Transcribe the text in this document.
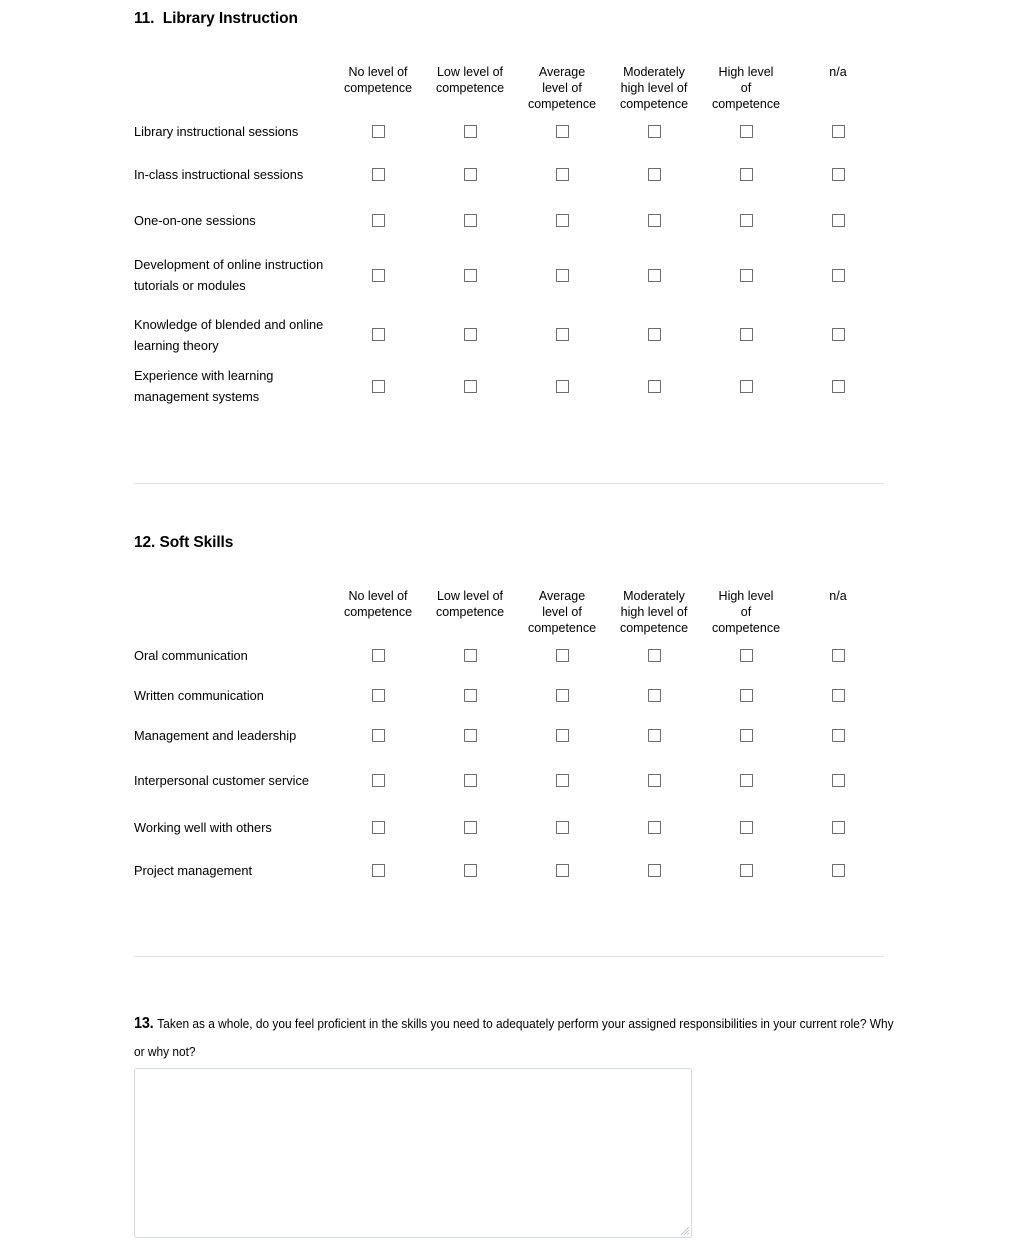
11.  Library Instruction
No level of
competence
Low level of
competence
Average
level of
competence
Moderately
high level of
competence
High level
of
competence
n/a
Library instructional sessions
In-class instructional sessions
One-on-one sessions
Development of online instruction tutorials or modules
Knowledge of blended and online learning theory
Experience with learning management systems
12. Soft Skills
No level of
competence
Low level of
competence
Average
level of
competence
Moderately
high level of
competence
High level
of
competence
n/a
Oral communication
Written communication
Management and leadership
Interpersonal customer service
Working well with others
Project management
13. Taken as a whole, do you feel proficient in the skills you need to adequately perform your assigned responsibilities in your current role? Why or why not?
